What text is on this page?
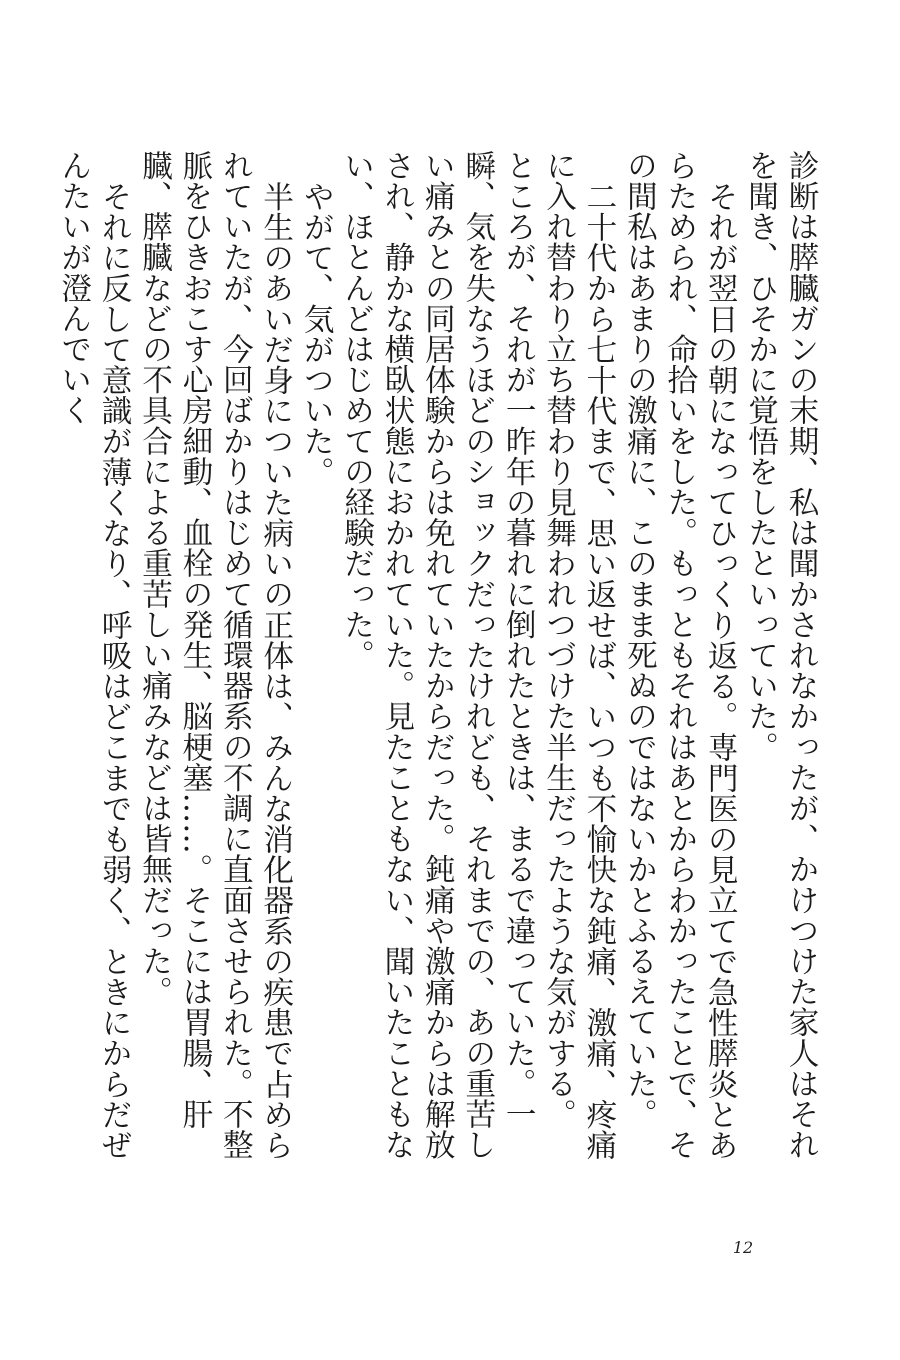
診断は膵臓ガンの末期、私は聞かされなかったが、かけつけた家人はそれを聞き、ひそかに覚悟をしたといっていた。

それが翌日の朝になってひっくり返る。専門医の見立てで急性膵炎とあらためられ、命拾いをした。もっともそれはあとからわかったことで、その間私はあまりの激痛に、このまま死ぬのではないかとふるえていた。

二十代から七十代まで、思い返せば、いつも不愉快な鈍痛、激痛、疼痛に入れ替わり立ち替わり見舞われつづけた半生だったような気がする。

ところが、それが一昨年の暮れに倒れたときは、まるで違っていた。一瞬、気を失なうほどのショックだったけれども、それまでの、あの重苦しい痛みとの同居体験からは免れていたからだった。鈍痛や激痛からは解放され、静かな横臥状態におかれていた。見たこともない、聞いたこともない、ほとんどはじめての経験だった。

やがて、気がついた。

半生のあいだ身についた病いの正体は、みんな消化器系の疾患で占められていたが、今回ばかりはじめて循環器系の不調に直面させられた。不整脈をひきおこす心房細動、血栓の発生、脳梗塞……。そこには胃腸、肝臓、膵臓などの不具合による重苦しい痛みなどは皆無だった。

それに反して意識が薄くなり、呼吸はどこまでも弱く、ときにからだぜんたいが澄んでいく

12
